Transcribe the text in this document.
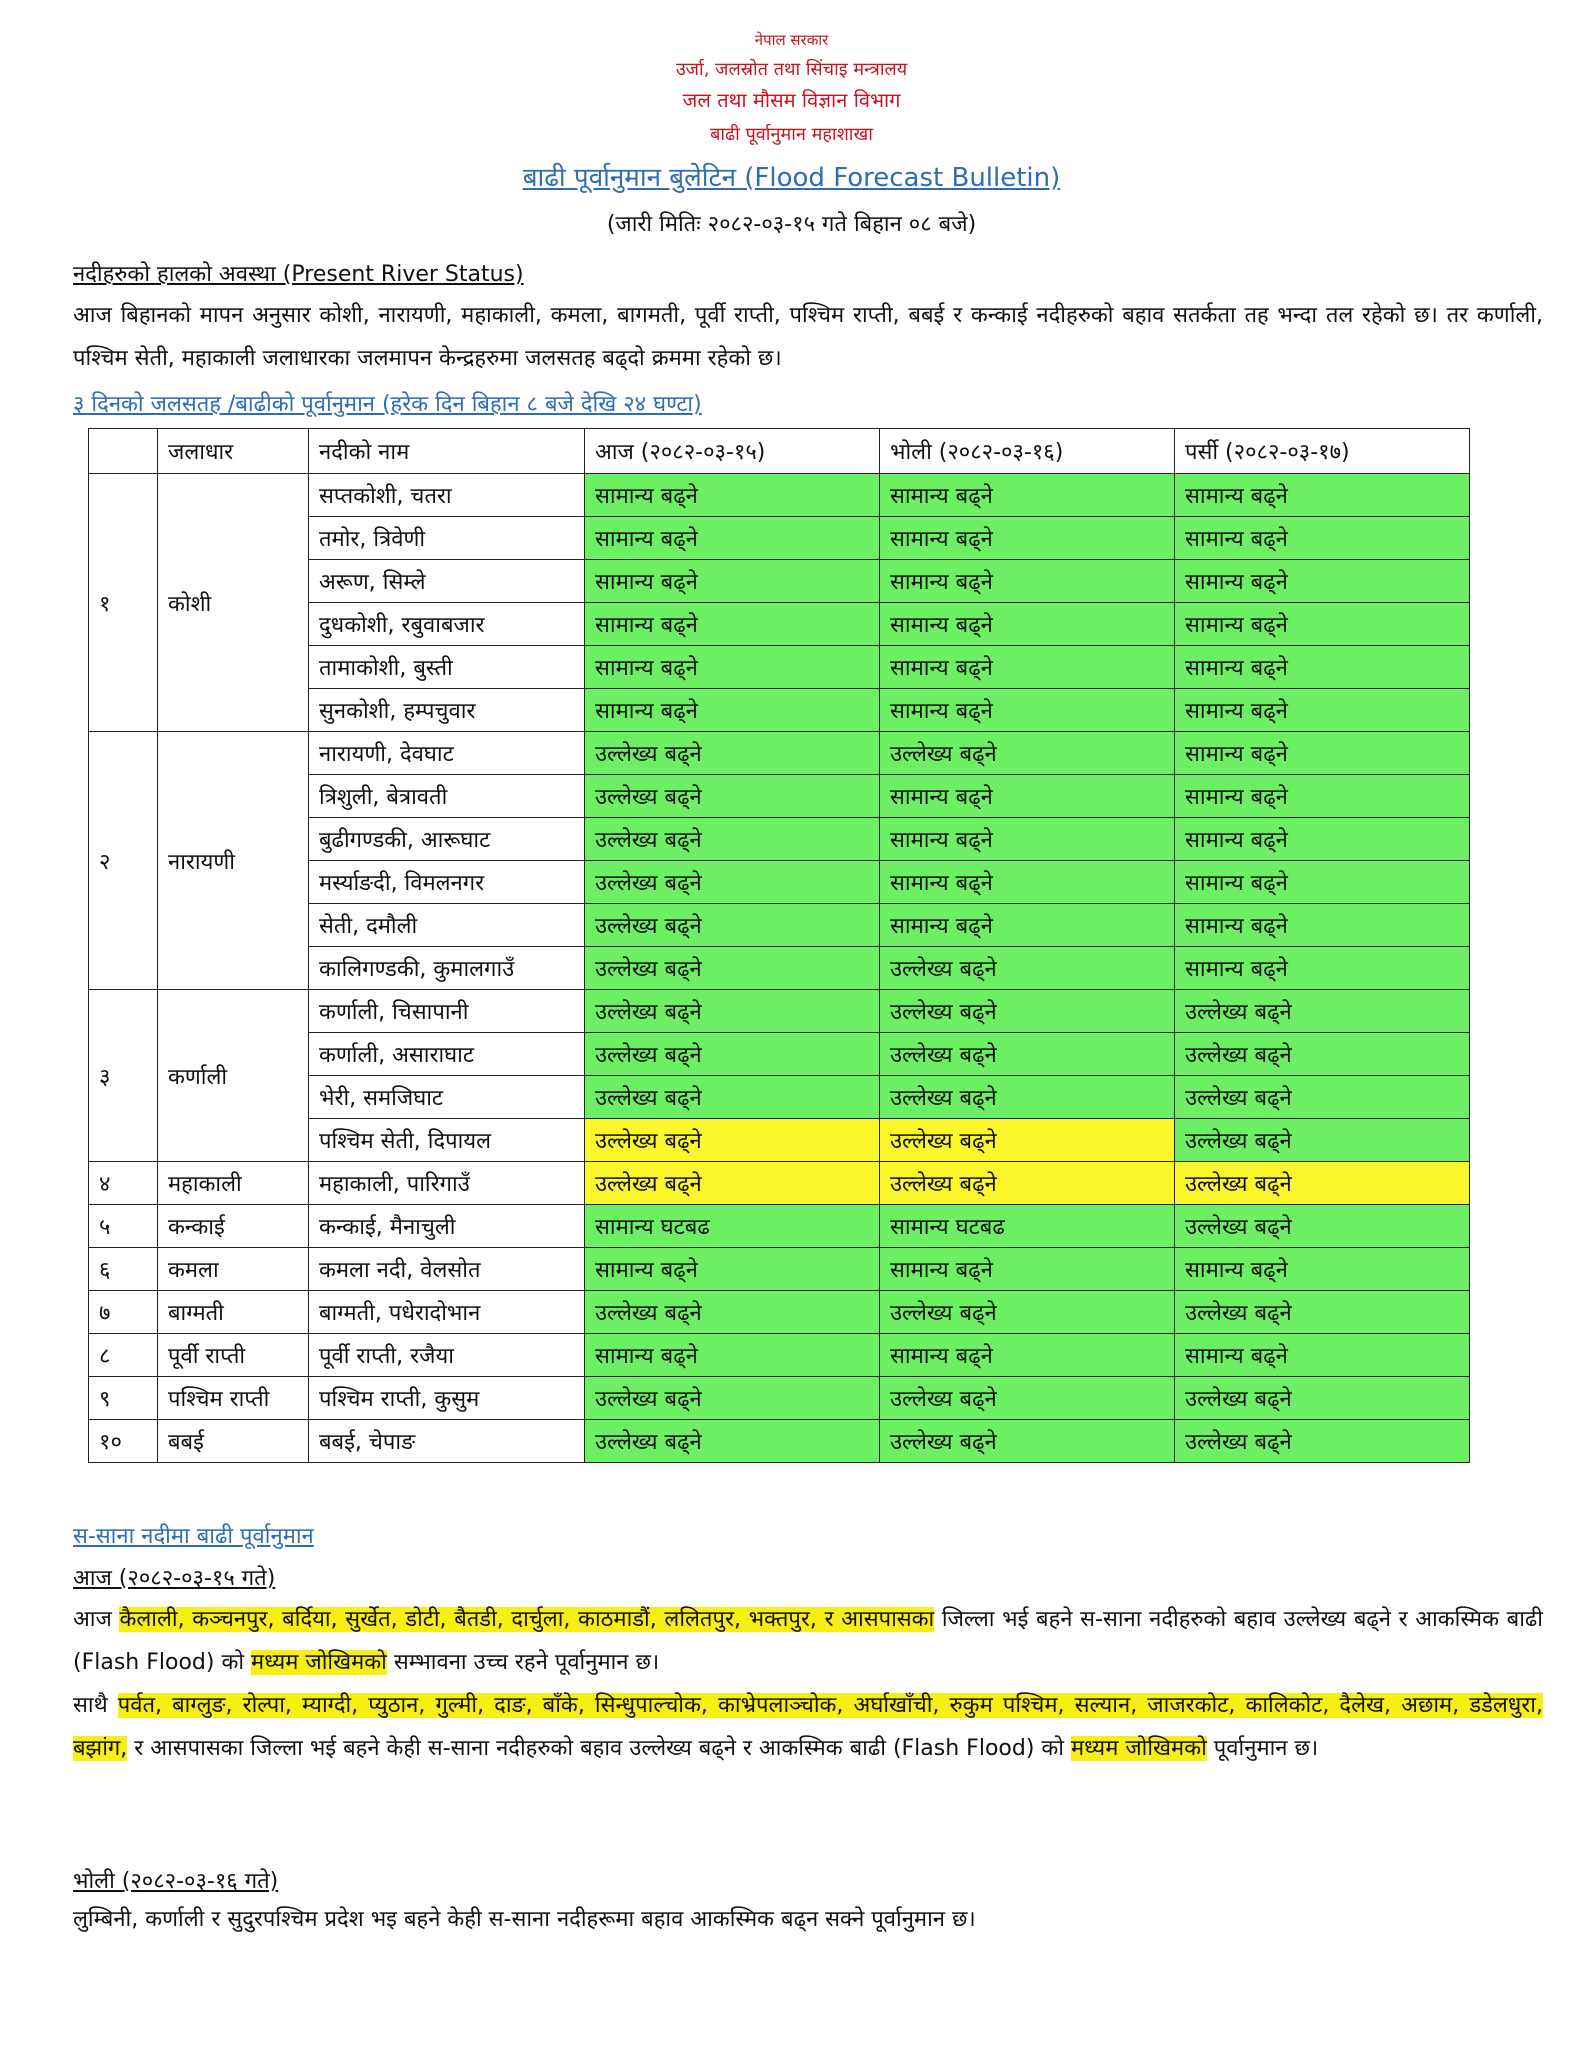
नेपाल सरकार
उर्जा, जलस्रोत तथा सिंचाइ मन्त्रालय
जल तथा मौसम विज्ञान विभाग
बाढी पूर्वानुमान महाशाखा
बाढी पूर्वानुमान बुलेटिन (Flood Forecast Bulletin)
(जारी मितिः २०८२-०३-१५ गते बिहान ०८ बजे)
नदीहरुको हालको अवस्था (Present River Status)
आज बिहानको मापन अनुसार कोशी, नारायणी, महाकाली, कमला, बागमती, पूर्वी राप्ती, पश्चिम राप्ती, बबई र कन्काई नदीहरुको बहाव सतर्कता तह भन्दा तल रहेको छ। तर कर्णाली, पश्चिम सेती, महाकाली जलाधारका जलमापन केन्द्रहरुमा जलसतह बढ्दो क्रममा रहेको छ।
३ दिनको जलसतह /बाढीको पूर्वानुमान (हरेक दिन बिहान ८ बजे देखि २४ घण्टा)
	जलाधार	नदीको नाम	आज (२०८२-०३-१५)	भोली (२०८२-०३-१६)	पर्सी (२०८२-०३-१७)
१	कोशी	सप्तकोशी, चतरा	सामान्य बढ्ने	सामान्य बढ्ने	सामान्य बढ्ने
		तमोर, त्रिवेणी	सामान्य बढ्ने	सामान्य बढ्ने	सामान्य बढ्ने
		अरूण, सिम्ले	सामान्य बढ्ने	सामान्य बढ्ने	सामान्य बढ्ने
		दुधकोशी, रबुवाबजार	सामान्य बढ्ने	सामान्य बढ्ने	सामान्य बढ्ने
		तामाकोशी, बुस्ती	सामान्य बढ्ने	सामान्य बढ्ने	सामान्य बढ्ने
		सुनकोशी, हम्पचुवार	सामान्य बढ्ने	सामान्य बढ्ने	सामान्य बढ्ने
२	नारायणी	नारायणी, देवघाट	उल्लेख्य बढ्ने	उल्लेख्य बढ्ने	सामान्य बढ्ने
		त्रिशुली, बेत्रावती	उल्लेख्य बढ्ने	सामान्य बढ्ने	सामान्य बढ्ने
		बुढीगण्डकी, आरूघाट	उल्लेख्य बढ्ने	सामान्य बढ्ने	सामान्य बढ्ने
		मर्स्याङदी, विमलनगर	उल्लेख्य बढ्ने	सामान्य बढ्ने	सामान्य बढ्ने
		सेती, दमौली	उल्लेख्य बढ्ने	सामान्य बढ्ने	सामान्य बढ्ने
		कालिगण्डकी, कुमालगाउँ	उल्लेख्य बढ्ने	उल्लेख्य बढ्ने	सामान्य बढ्ने
३	कर्णाली	कर्णाली, चिसापानी	उल्लेख्य बढ्ने	उल्लेख्य बढ्ने	उल्लेख्य बढ्ने
		कर्णाली, असाराघाट	उल्लेख्य बढ्ने	उल्लेख्य बढ्ने	उल्लेख्य बढ्ने
		भेरी, समजिघाट	उल्लेख्य बढ्ने	उल्लेख्य बढ्ने	उल्लेख्य बढ्ने
		पश्चिम सेती, दिपायल	उल्लेख्य बढ्ने	उल्लेख्य बढ्ने	उल्लेख्य बढ्ने
४	महाकाली	महाकाली, पारिगाउँ	उल्लेख्य बढ्ने	उल्लेख्य बढ्ने	उल्लेख्य बढ्ने
५	कन्काई	कन्काई, मैनाचुली	सामान्य घटबढ	सामान्य घटबढ	उल्लेख्य बढ्ने
६	कमला	कमला नदी, वेलसोत	सामान्य बढ्ने	सामान्य बढ्ने	सामान्य बढ्ने
७	बाग्मती	बाग्मती, पधेरादोभान	उल्लेख्य बढ्ने	उल्लेख्य बढ्ने	उल्लेख्य बढ्ने
८	पूर्वी राप्ती	पूर्वी राप्ती, रजैया	सामान्य बढ्ने	सामान्य बढ्ने	सामान्य बढ्ने
९	पश्चिम राप्ती	पश्चिम राप्ती, कुसुम	उल्लेख्य बढ्ने	उल्लेख्य बढ्ने	उल्लेख्य बढ्ने
१०	बबई	बबई, चेपाङ	उल्लेख्य बढ्ने	उल्लेख्य बढ्ने	उल्लेख्य बढ्ने
स-साना नदीमा बाढी पूर्वानुमान
आज (२०८२-०३-१५ गते)
आज कैलाली, कञ्चनपुर, बर्दिया, सुर्खेत, डोटी, बैतडी, दार्चुला, काठमाडौं, ललितपुर, भक्तपुर, र आसपासका जिल्ला भई बहने स-साना नदीहरुको बहाव उल्लेख्य बढ्ने र आकस्मिक बाढी (Flash Flood) को मध्यम जोखिमको सम्भावना उच्च रहने पूर्वानुमान छ।
साथै पर्वत, बाग्लुङ, रोल्पा, म्याग्दी, प्युठान, गुल्मी, दाङ, बाँके, सिन्धुपाल्चोक, काभ्रेपलाञ्चोक, अर्घाखाँची, रुकुम पश्चिम, सल्यान, जाजरकोट, कालिकोट, दैलेख, अछाम, डडेलधुरा, बझांग, र आसपासका जिल्ला भई बहने केही स-साना नदीहरुको बहाव उल्लेख्य बढ्ने र आकस्मिक बाढी (Flash Flood) को मध्यम जोखिमको पूर्वानुमान छ।
भोली (२०८२-०३-१६ गते)
लुम्बिनी, कर्णाली र सुदुरपश्चिम प्रदेश भइ बहने केही स-साना नदीहरूमा बहाव आकस्मिक बढ्न सक्ने पूर्वानुमान छ।
